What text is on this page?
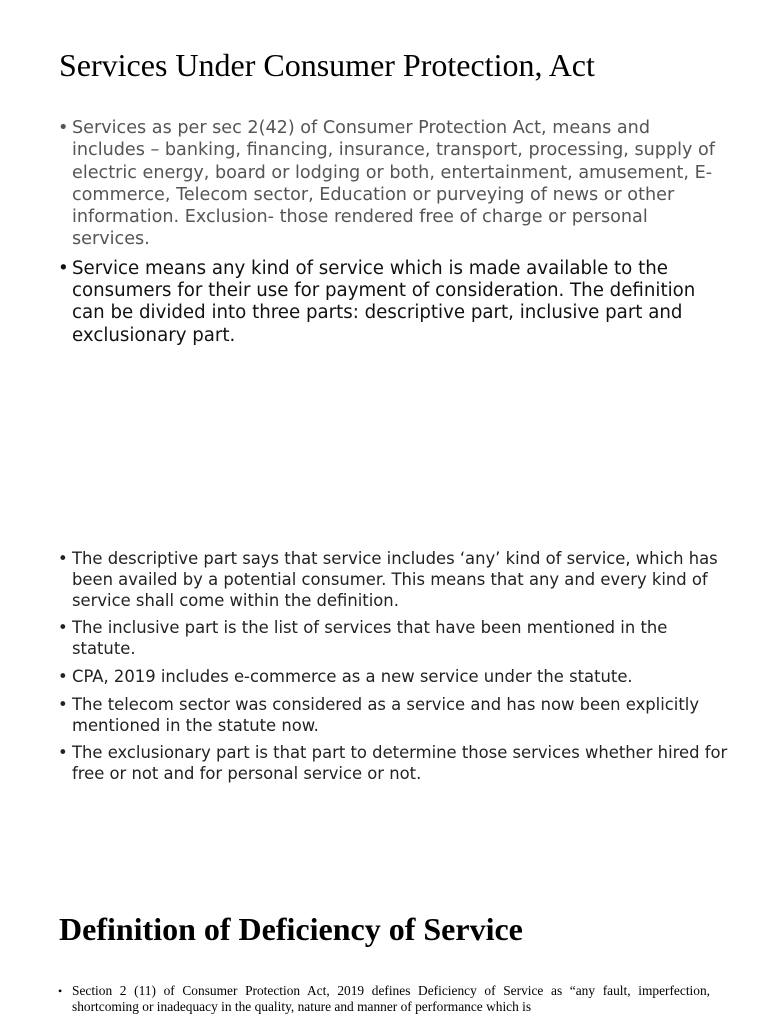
Services Under Consumer Protection, Act
• Services as per sec 2(42) of Consumer Protection Act, means and includes – banking, financing, insurance, transport, processing, supply of electric energy, board or lodging or both, entertainment, amusement, E-commerce, Telecom sector, Education or purveying of news or other information. Exclusion- those rendered free of charge or personal services.
• Service means any kind of service which is made available to the consumers for their use for payment of consideration. The definition can be divided into three parts: descriptive part, inclusive part and exclusionary part.
• The descriptive part says that service includes ‘any’ kind of service, which has been availed by a potential consumer. This means that any and every kind of service shall come within the definition.
• The inclusive part is the list of services that have been mentioned in the statute.
• CPA, 2019 includes e-commerce as a new service under the statute.
• The telecom sector was considered as a service and has now been explicitly mentioned in the statute now.
• The exclusionary part is that part to determine those services whether hired for free or not and for personal service or not.
Definition of Deficiency of Service
• Section 2 (11) of Consumer Protection Act, 2019 defines Deficiency of Service as “any fault, imperfection, shortcoming or inadequacy in the quality, nature and manner of performance which is
